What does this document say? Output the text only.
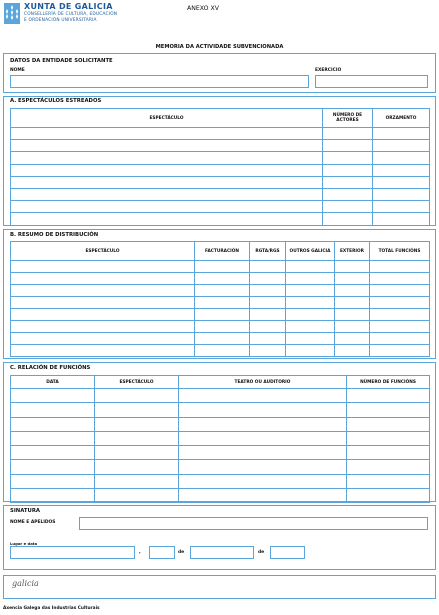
XUNTA DE GALICIA
CONSELLERÍA DE CULTURA, EDUCACIÓN
E ORDENACIÓN UNIVERSITARIA
ANEXO XV
MEMORIA DA ACTIVIDADE SUBVENCIONADA
DATOS DA ENTIDADE SOLICITANTE
NOME	EXERCICIO
A. ESPECTÁCULOS ESTREADOS
ESPECTÁCULO	NÚMERO DE ACTORES	ORZAMENTO

B. RESUMO DE DISTRIBUCIÓN
ESPECTÁCULO	FACTURACIÓN	RGTA/RGS	OUTROS GALICIA	EXTERIOR	TOTAL FUNCIÓNS

C. RELACIÓN DE FUNCIÓNS
DATA	ESPECTÁCULO	TEATRO OU AUDITORIO	NÚMERO DE FUNCIÓNS

SINATURA
NOME E APELIDOS
Lugar e data
,	de	de
galicia
Axencia Galega das Industrias Culturais
